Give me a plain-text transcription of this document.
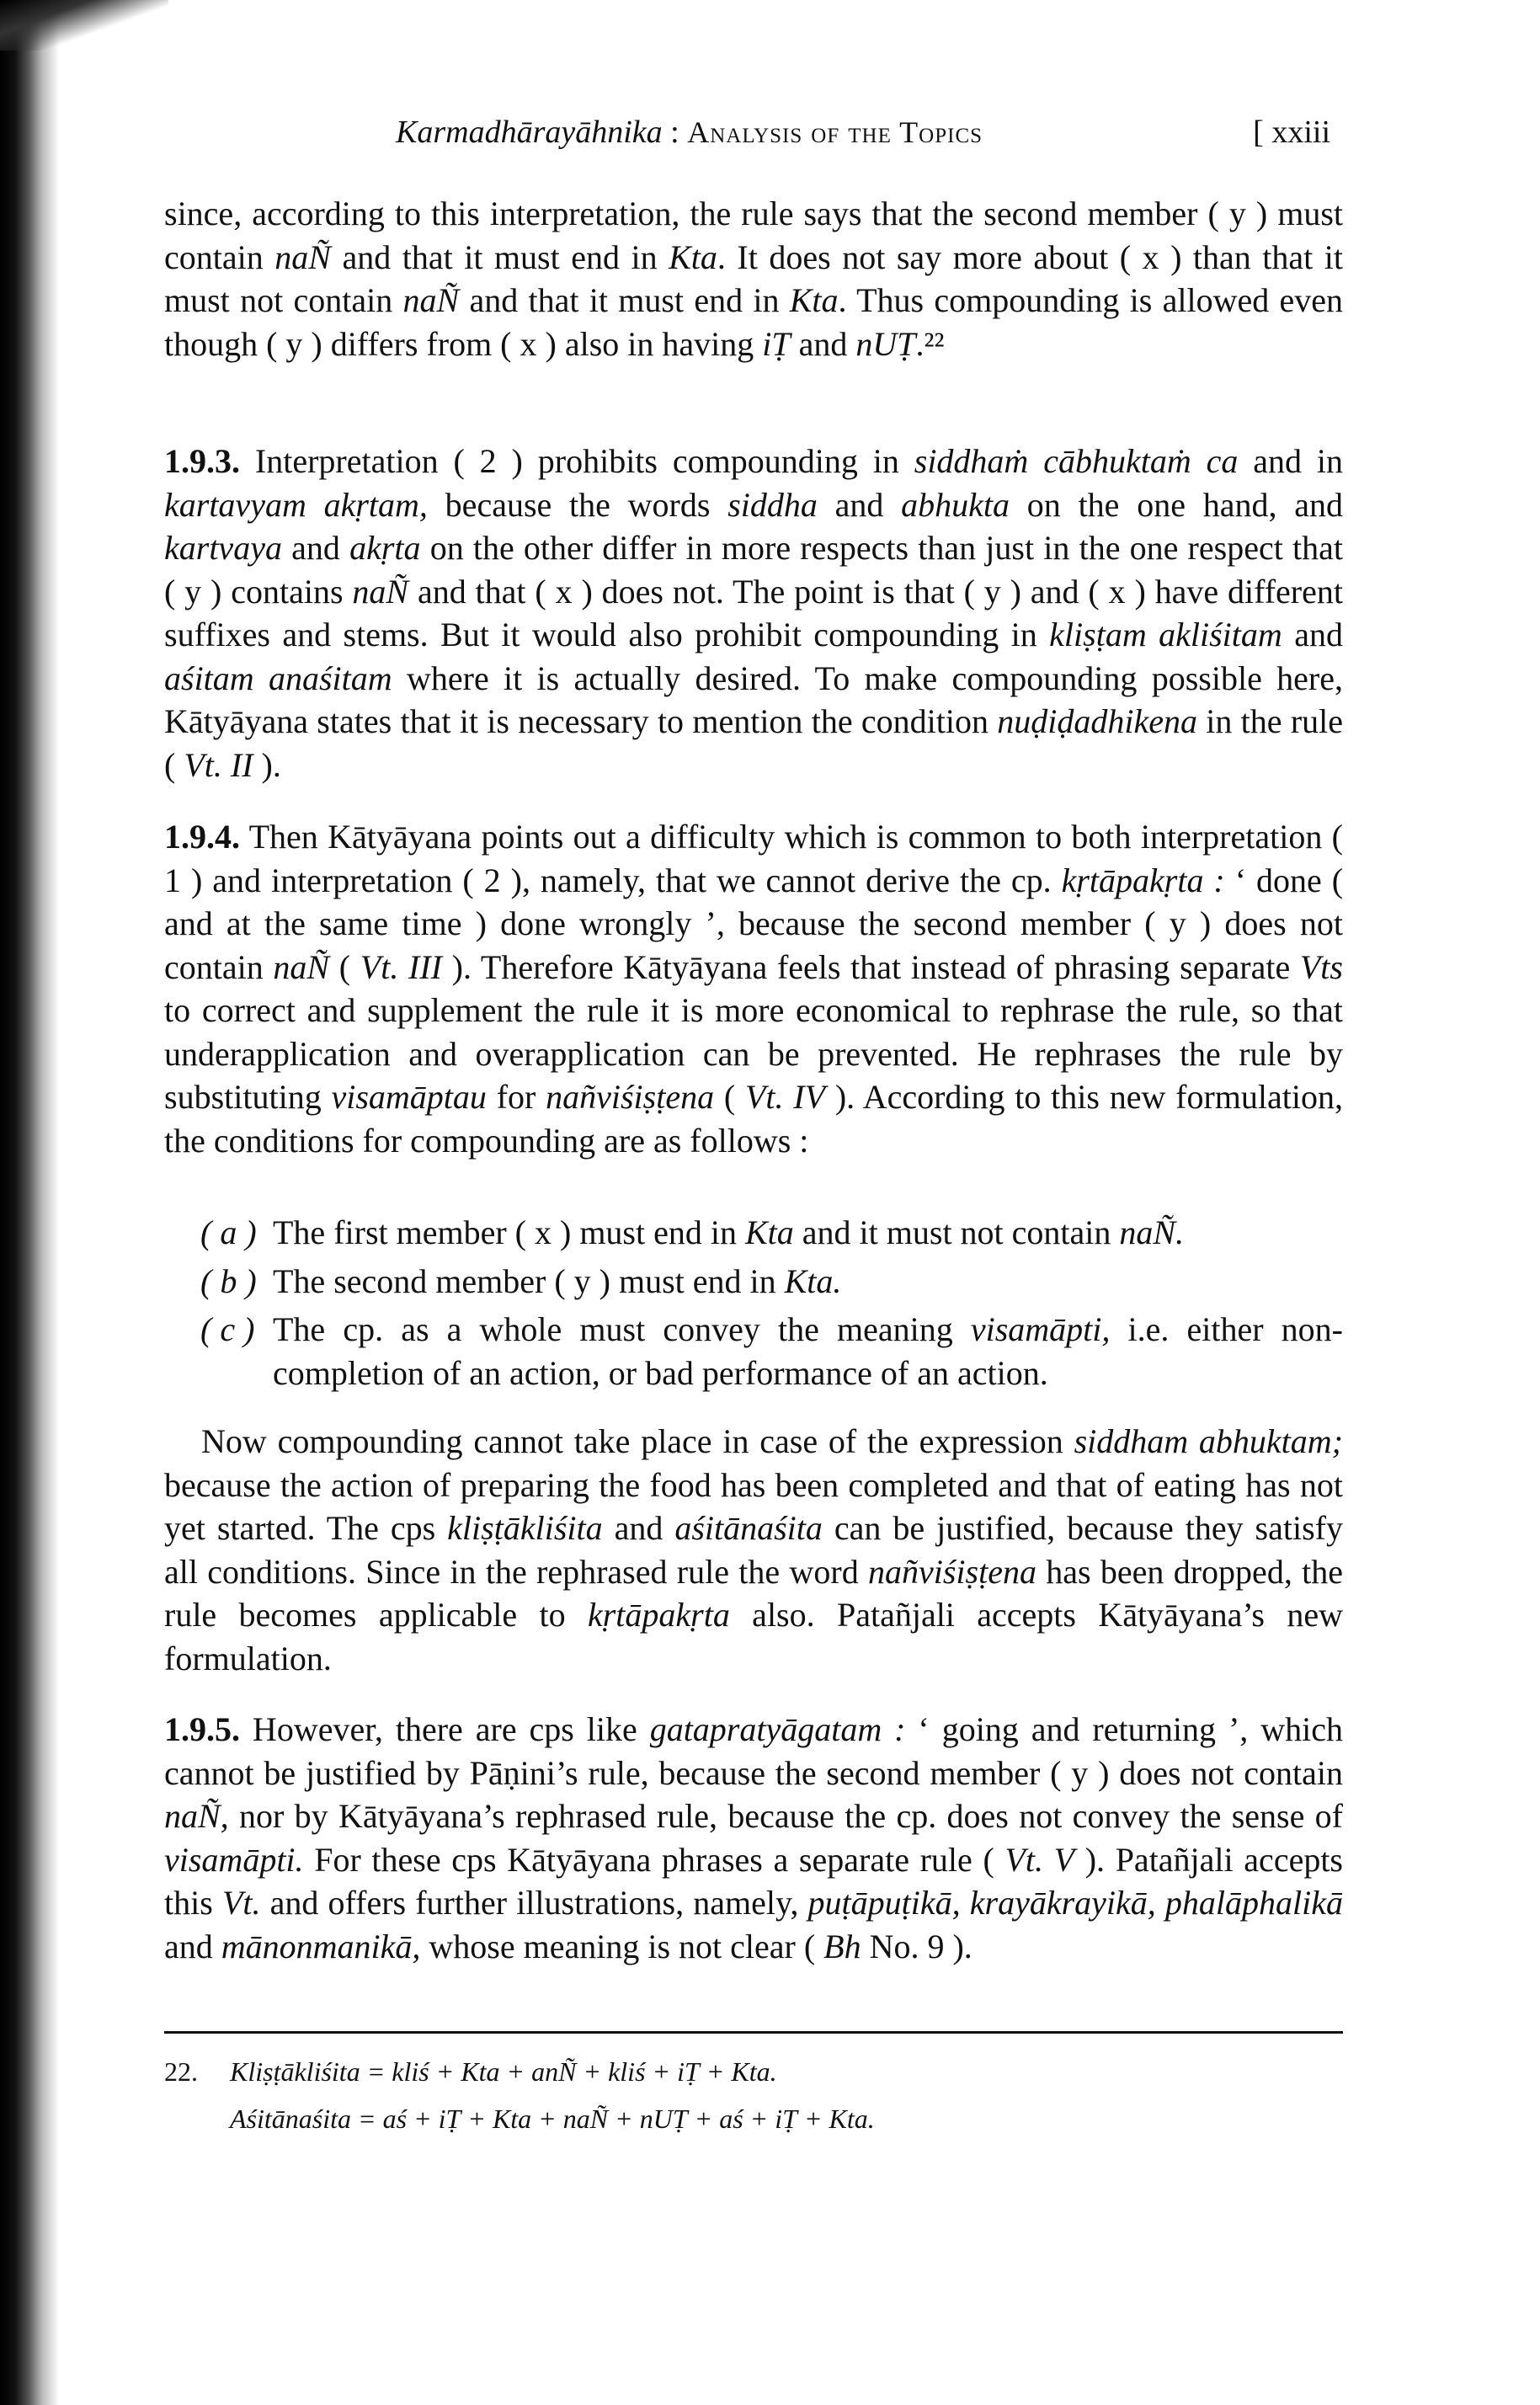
Karmadhārayāhnika : Analysis of the Topics	[ xxiii
since, according to this interpretation, the rule says that the second member ( y ) must contain naÑ and that it must end in Kta. It does not say more about ( x ) than that it must not contain naÑ and that it must end in Kta. Thus compounding is allowed even though ( y ) differs from ( x ) also in having iṬ and nUṬ.²²
1.9.3. Interpretation ( 2 ) prohibits compounding in siddhaṁ cābhuktaṁ ca and in kartavyam akṛtam, because the words siddha and abhukta on the one hand, and kartvaya and akṛta on the other differ in more respects than just in the one respect that ( y ) contains naÑ and that ( x ) does not. The point is that ( y ) and ( x ) have different suffixes and stems. But it would also prohibit compounding in kliṣṭam akliśitam and aśitam anaśitam where it is actually desired. To make compounding possible here, Kātyāyana states that it is necessary to mention the condition nuḍiḍadhikena in the rule ( Vt. II ).
1.9.4. Then Kātyāyana points out a difficulty which is common to both interpretation ( 1 ) and interpretation ( 2 ), namely, that we cannot derive the cp. kṛtāpakṛta : ‘ done ( and at the same time ) done wrongly ’, because the second member ( y ) does not contain naÑ ( Vt. III ). Therefore Kātyāyana feels that instead of phrasing separate Vts to correct and supplement the rule it is more economical to rephrase the rule, so that underapplication and overapplication can be prevented. He rephrases the rule by substituting visamāptau for nañviśiṣṭena ( Vt. IV ). According to this new formulation, the conditions for compounding are as follows :
( a ) The first member ( x ) must end in Kta and it must not contain naÑ.
( b ) The second member ( y ) must end in Kta.
( c ) The cp. as a whole must convey the meaning visamāpti, i.e. either non-completion of an action, or bad performance of an action.
Now compounding cannot take place in case of the expression siddham abhuktam; because the action of preparing the food has been completed and that of eating has not yet started. The cps kliṣṭākliśita and aśitānaśita can be justified, because they satisfy all conditions. Since in the rephrased rule the word nañviśiṣṭena has been dropped, the rule becomes applicable to kṛtāpakṛta also. Patañjali accepts Kātyāyana’s new formulation.
1.9.5. However, there are cps like gatapratyāgatam : ‘ going and returning ’, which cannot be justified by Pāṇini’s rule, because the second member ( y ) does not contain naÑ, nor by Kātyāyana’s rephrased rule, because the cp. does not convey the sense of visamāpti. For these cps Kātyāyana phrases a separate rule ( Vt. V ). Patañjali accepts this Vt. and offers further illustrations, namely, puṭāpuṭikā, krayākrayikā, phalāphalikā and mānonmanikā, whose meaning is not clear ( Bh No. 9 ).
22. Kliṣṭākliśita = kliś + Kta + anÑ + kliś + iṬ + Kta.
Aśitānaśita = aś + iṬ + Kta + naÑ + nUṬ + aś + iṬ + Kta.
